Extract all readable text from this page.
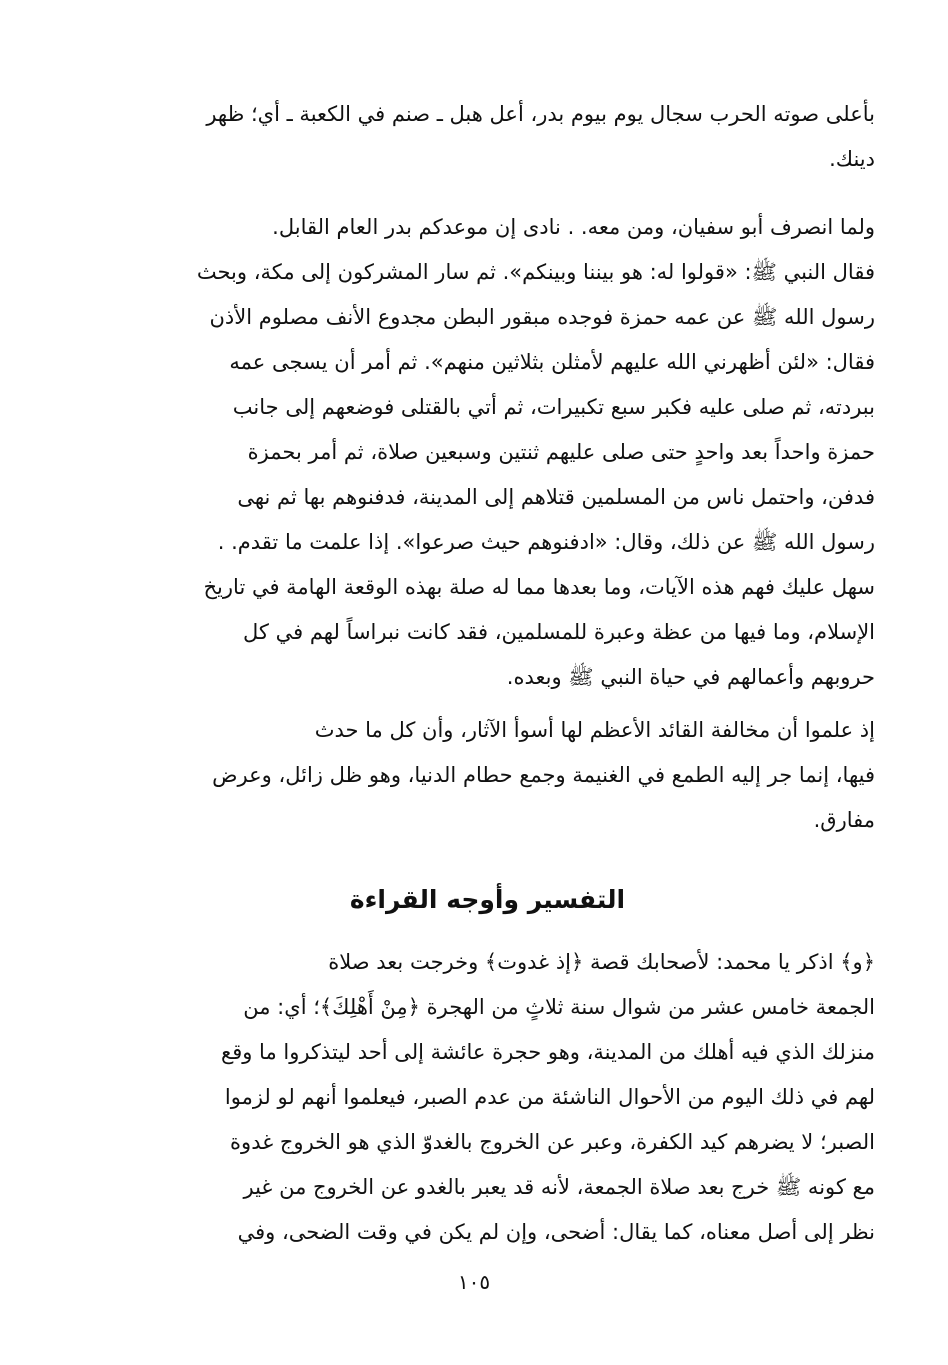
بأعلى صوته الحرب سجال يوم بيوم بدر، أعل هبل ـ صنم في الكعبة ـ أي؛ ظهر
دينك.
ولما انصرف أبو سفيان، ومن معه. . نادى إن موعدكم بدر العام القابل.
فقال النبي ﷺ: «قولوا له: هو بيننا وبينكم». ثم سار المشركون إلى مكة، وبحث
رسول الله ﷺ عن عمه حمزة فوجده مبقور البطن مجدوع الأنف مصلوم الأذن
فقال: «لئن أظهرني الله عليهم لأمثلن بثلاثين منهم». ثم أمر أن يسجى عمه
ببردته، ثم صلى عليه فكبر سبع تكبيرات، ثم أتي بالقتلى فوضعهم إلى جانب
حمزة واحداً بعد واحدٍ حتى صلى عليهم ثنتين وسبعين صلاة، ثم أمر بحمزة
فدفن، واحتمل ناس من المسلمين قتلاهم إلى المدينة، فدفنوهم بها ثم نهى
رسول الله ﷺ عن ذلك، وقال: «ادفنوهم حيث صرعوا». إذا علمت ما تقدم. .
سهل عليك فهم هذه الآيات، وما بعدها مما له صلة بهذه الوقعة الهامة في تاريخ
الإسلام، وما فيها من عظة وعبرة للمسلمين، فقد كانت نبراساً لهم في كل
حروبهم وأعمالهم في حياة النبي ﷺ وبعده.
إذ علموا أن مخالفة القائد الأعظم لها أسوأ الآثار، وأن كل ما حدث
فيها، إنما جر إليه الطمع في الغنيمة وجمع حطام الدنيا، وهو ظل زائل، وعرض
مفارق.
التفسير وأوجه القراءة
﴿و﴾ اذكر يا محمد: لأصحابك قصة ﴿إذ غدوت﴾ وخرجت بعد صلاة
الجمعة خامس عشر من شوال سنة ثلاثٍ من الهجرة ﴿مِنْ أَهْلِكَ﴾؛ أي: من
منزلك الذي فيه أهلك من المدينة، وهو حجرة عائشة إلى أحد ليتذكروا ما وقع
لهم في ذلك اليوم من الأحوال الناشئة من عدم الصبر، فيعلموا أنهم لو لزموا
الصبر؛ لا يضرهم كيد الكفرة، وعبر عن الخروج بالغدوّ الذي هو الخروج غدوة
مع كونه ﷺ خرج بعد صلاة الجمعة، لأنه قد يعبر بالغدو عن الخروج من غير
نظر إلى أصل معناه، كما يقال: أضحى، وإن لم يكن في وقت الضحى، وفي
١٠٥
